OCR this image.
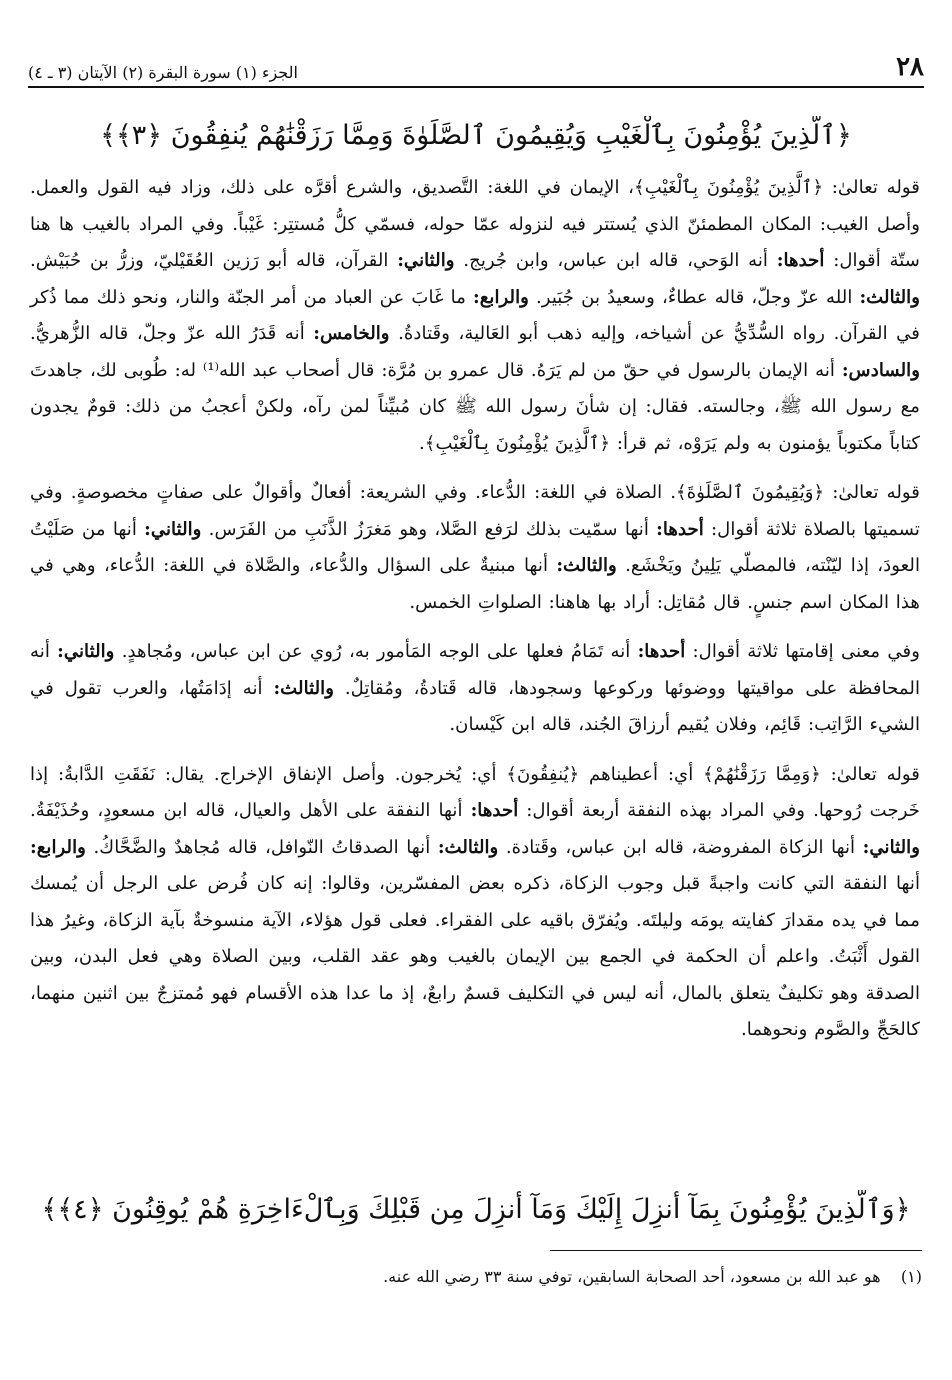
الجزء (١) سورة البقرة (٢) الآيتان (٣ ـ ٤)	٢٨
﴿ٱلَّذِينَ يُؤْمِنُونَ بِٱلْغَيْبِ وَيُقِيمُونَ ٱلصَّلَوٰةَ وَمِمَّا رَزَقْنَٰهُمْ يُنفِقُونَ ﴿٣﴾﴾

قوله تعالىٰ: ﴿ٱلَّذِينَ يُؤْمِنُونَ بِٱلْغَيْبِ﴾، الإيمان في اللغة: التَّصديق، والشرع أقرَّه على ذلك، وزاد فيه القول والعمل. وأصل الغيب: المكان المطمئنّ الذي يُستتر فيه لنزوله عمّا حوله، فسمّي كلُّ مُستتِر: غَيْباً. وفي المراد بالغيب ها هنا ستّة أقوال: أحدها: أنه الوَحي، قاله ابن عباس، وابن جُريج. والثاني: القرآن، قاله أبو رَزين العُقَيْليّ، وزرُّ بن حُبَيْش. والثالث: الله عزّ وجلّ، قاله عطاءٌ، وسعيدُ بن جُبَير. والرابع: ما غَابَ عن العباد من أمر الجنّة والنار، ونحو ذلك مما ذُكر في القرآن. رواه السُّدِّيُّ عن أشياخه، وإليه ذهب أبو العَالية، وقَتادةُ. والخامس: أنه قَدَرُ الله عزّ وجلّ، قاله الزُّهريُّ. والسادس: أنه الإيمان بالرسول في حقّ من لم يَرَهُ. قال عمرو بن مُرَّة: قال أصحاب عبد الله⁽¹⁾ له: طُوبى لك، جاهدتَ مع رسول الله ﷺ، وجالسته. فقال: إن شأنَ رسول الله ﷺ كان مُبيِّناً لمن رآه، ولكنْ أعجبُ من ذلك: قومٌ يجدون كتاباً مكتوباً يؤمنون به ولم يَرَوْه، ثم قرأ: ﴿ٱلَّذِينَ يُؤْمِنُونَ بِٱلْغَيْبِ﴾.

قوله تعالىٰ: ﴿وَيُقِيمُونَ ٱلصَّلَوٰةَ﴾. الصلاة في اللغة: الدُّعاء. وفي الشريعة: أفعالٌ وأقوالٌ على صفاتٍ مخصوصةٍ. وفي تسميتها بالصلاة ثلاثة أقوال: أحدها: أنها سمّيت بذلك لرَفع الصَّلا، وهو مَغرَزُ الذَّنَبِ من الفَرَس. والثاني: أنها من صَلَيْتُ العودَ، إذا ليّنْته، فالمصلّي يَلِينُ ويَخْشَع. والثالث: أنها مبنيةٌ على السؤال والدُّعاء، والصَّلاة في اللغة: الدُّعاء، وهي في هذا المكان اسم جنسٍ. قال مُقاتِل: أراد بها هاهنا: الصلواتِ الخمس.

وفي معنى إقامتها ثلاثة أقوال: أحدها: أنه تَمَامُ فعلها على الوجه المَأمور به، رُوي عن ابن عباس، ومُجاهدٍ. والثاني: أنه المحافظة على مواقيتها ووضوئها وركوعها وسجودها، قاله قَتادةُ، ومُقاتِلٌ. والثالث: أنه إدَامَتُها، والعرب تقول في الشيء الرَّاتِب: قَائِم، وفلان يُقيم أرزاقَ الجُند، قاله ابن كَيْسان.

قوله تعالىٰ: ﴿وَمِمَّا رَزَقْنَٰهُمْ﴾ أي: أعطيناهم ﴿يُنفِقُونَ﴾ أي: يُخرجون. وأصل الإنفاق الإخراج. يقال: نَفَقَتِ الدَّابةُ: إذا خَرجت رُوحها. وفي المراد بهذه النفقة أربعة أقوال: أحدها: أنها النفقة على الأهل والعيال، قاله ابن مسعودٍ، وحُذَيْفَةُ. والثاني: أنها الزكاة المفروضة، قاله ابن عباس، وقَتادة. والثالث: أنها الصدقاتُ النّوافل، قاله مُجاهدٌ والضَّحَّاكُ. والرابع: أنها النفقة التي كانت واجبةً قبل وجوب الزكاة، ذكره بعض المفسّرين، وقالوا: إنه كان فُرض على الرجل أن يُمسك مما في يده مقدارَ كفايته يومَه وليلتَه. ويُفرّق باقيه على الفقراء. فعلى قول هؤلاء، الآية منسوخةٌ بآية الزكاة، وغيرُ هذا القول أَثْبَتُ. واعلم أن الحكمة في الجمع بين الإيمان بالغيب وهو عقد القلب، وبين الصلاة وهي فعل البدن، وبين الصدقة وهو تكليفٌ يتعلق بالمال، أنه ليس في التكليف قسمٌ رابعٌ، إذ ما عدا هذه الأقسام فهو مُمتزجٌ بين اثنين منهما، كالحَجِّ والصَّوم ونحوهما.

﴿وَٱلَّذِينَ يُؤْمِنُونَ بِمَآ أُنزِلَ إِلَيْكَ وَمَآ أُنزِلَ مِن قَبْلِكَ وَبِٱلْءَاخِرَةِ هُمْ يُوقِنُونَ ﴿٤﴾﴾
(١)    هو عبد الله بن مسعود، أحد الصحابة السابقين، توفي سنة ٣٣ رضي الله عنه.
